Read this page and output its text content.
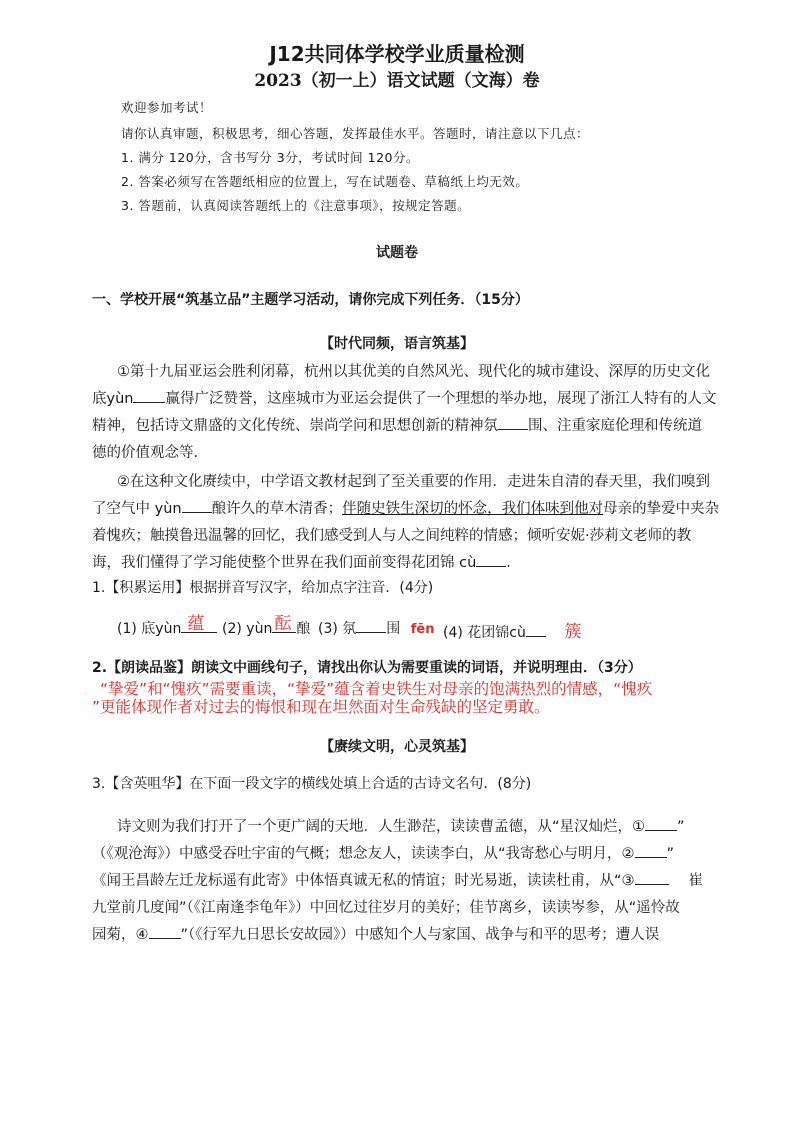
J12共同体学校学业质量检测
2023（初一上）语文试题（文海）卷
欢迎参加考试！
请你认真审题，积极思考，细心答题，发挥最佳水平。答题时，请注意以下几点：
1. 满分 120分，含书写分 3分，考试时间 120分。
2. 答案必须写在答题纸相应的位置上，写在试题卷、草稿纸上均无效。
3. 答题前，认真阅读答题纸上的《注意事项》，按规定答题。
试题卷
一、学校开展“筑基立品”主题学习活动，请你完成下列任务．（15分）
【时代同频，语言筑基】
①第十九届亚运会胜利闭幕，杭州以其优美的自然风光、现代化的城市建设、深厚的历史文化
底yùn 赢得广泛赞誉，这座城市为亚运会提供了一个理想的举办地，展现了浙江人特有的人文
精神，包括诗文鼎盛的文化传统、崇尚学问和思想创新的精神氛 围、注重家庭伦理和传统道
德的价值观念等．
②在这种文化赓续中，中学语文教材起到了至关重要的作用．走进朱自清的春天里，我们嗅到
了空气中 yùn 酿许久的草木清香；伴随史铁生深切的怀念，我们体味到他对母亲的挚爱中夹杂
着愧疚；触摸鲁迅温馨的回忆，我们感受到人与人之间纯粹的情感；倾听安妮·莎莉文老师的教
诲，我们懂得了学习能使整个世界在我们面前变得花团锦 cù ．
1.【积累运用】根据拼音写汉字，给加点字注音．(4分)
(1) 底yùn 蕴 (2) yùn 酝 酿 (3) 氛 围 fēn (4) 花团锦cù 簇
2.【朗读品鉴】朗读文中画线句子，请找出你认为需要重读的词语，并说明理由．（3分）
“挚爱”和“愧疚”需要重读，“挚爱”蕴含着史铁生对母亲的饱满热烈的情感，“愧疚
”更能体现作者对过去的悔恨和现在坦然面对生命残缺的坚定勇敢。
【赓续文明，心灵筑基】
3.【含英咀华】在下面一段文字的横线处填上合适的古诗文名句．(8分)
诗文则为我们打开了一个更广阔的天地．人生渺茫，读读曹孟德，从“星汉灿烂，① ”
（《观沧海》）中感受吞吐宇宙的气概；想念友人，读读李白，从“我寄愁心与明月，② ”
《闻王昌龄左迁龙标遥有此寄》中体悟真诚无私的情谊；时光易逝，读读杜甫，从“③	崔
九堂前几度闻”（《江南逢李龟年》）中回忆过往岁月的美好；佳节离乡，读读岑参，从“遥怜故
园菊，④ ”（《行军九日思长安故园》）中感知个人与家国、战争与和平的思考；遭人误
